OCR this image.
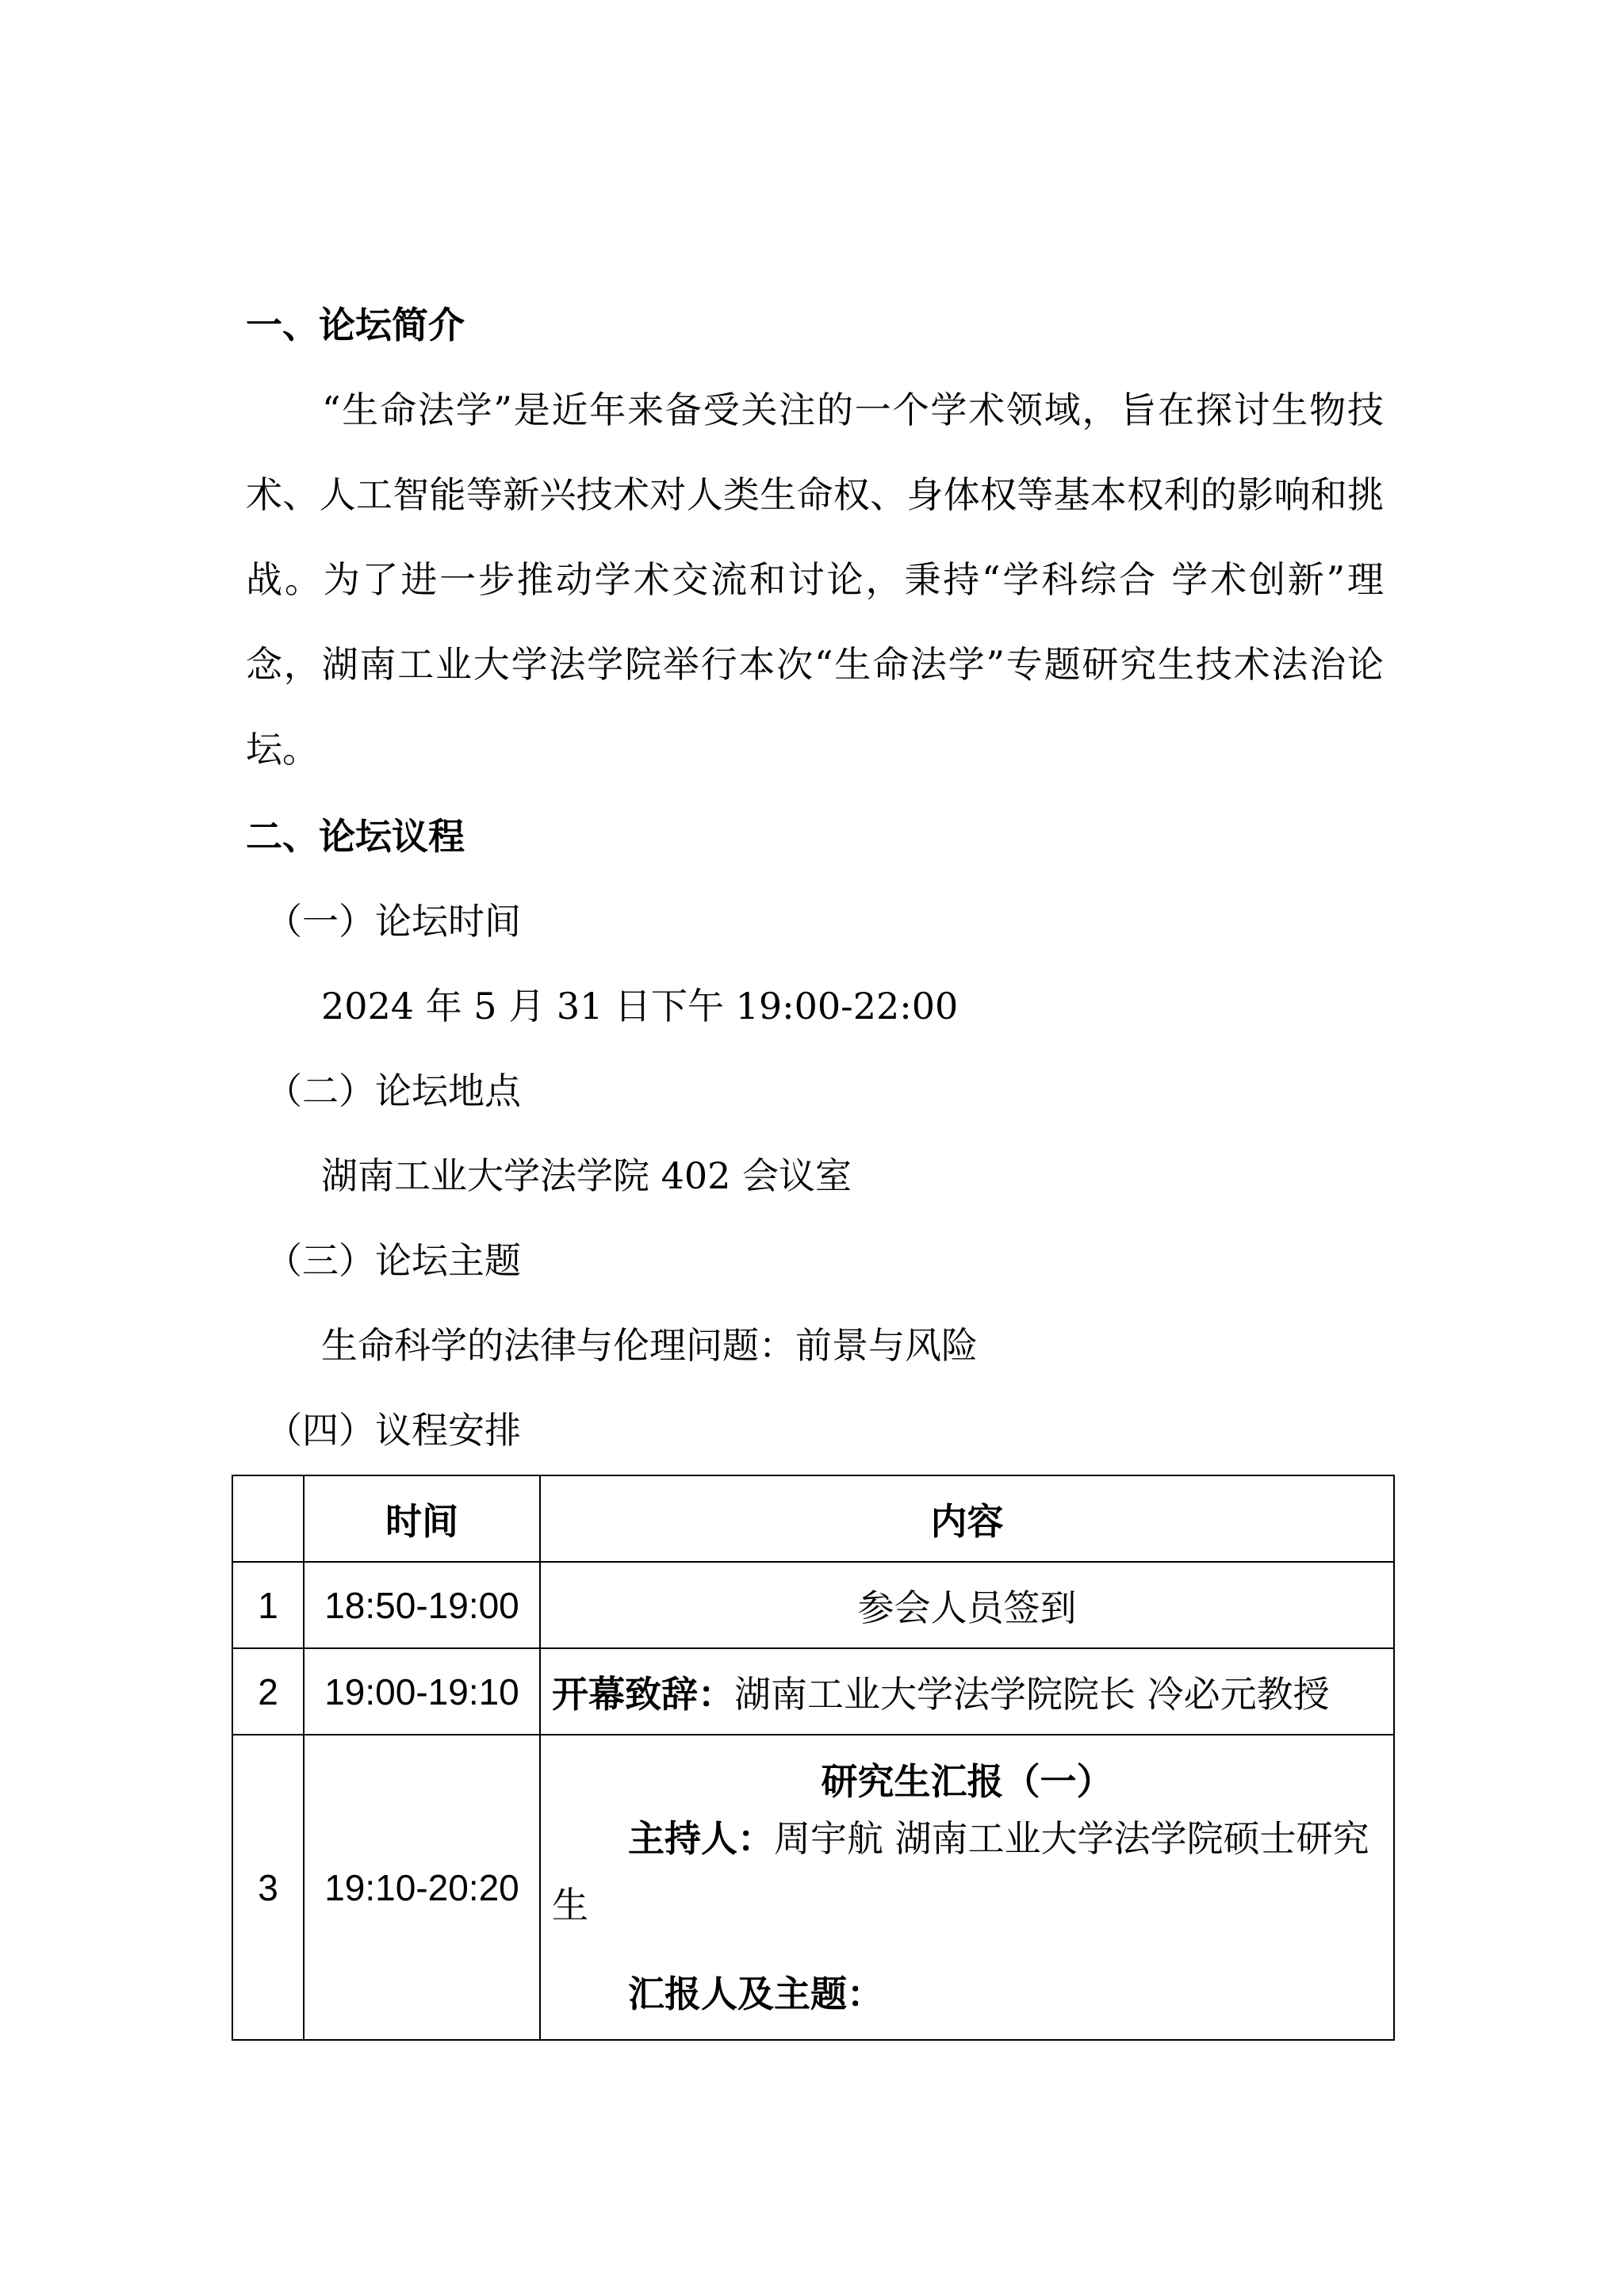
一、论坛简介

“生命法学”是近年来备受关注的一个学术领域，旨在探讨生物技术、人工智能等新兴技术对人类生命权、身体权等基本权利的影响和挑战。为了进一步推动学术交流和讨论，秉持“学科综合 学术创新”理念，湖南工业大学法学院举行本次“生命法学”专题研究生技术法治论坛。

二、论坛议程
（一）论坛时间
2024 年 5 月 31 日下午 19:00-22:00
（二）论坛地点
湖南工业大学法学院 402 会议室
（三）论坛主题
生命科学的法律与伦理问题：前景与风险
（四）议程安排
	时间	内容
1	18:50-19:00	参会人员签到
2	19:00-19:10	开幕致辞：湖南工业大学法学院院长 冷必元教授
3	19:10-20:20	研究生汇报（一）
主持人：周宇航 湖南工业大学法学院硕士研究生
汇报人及主题：
